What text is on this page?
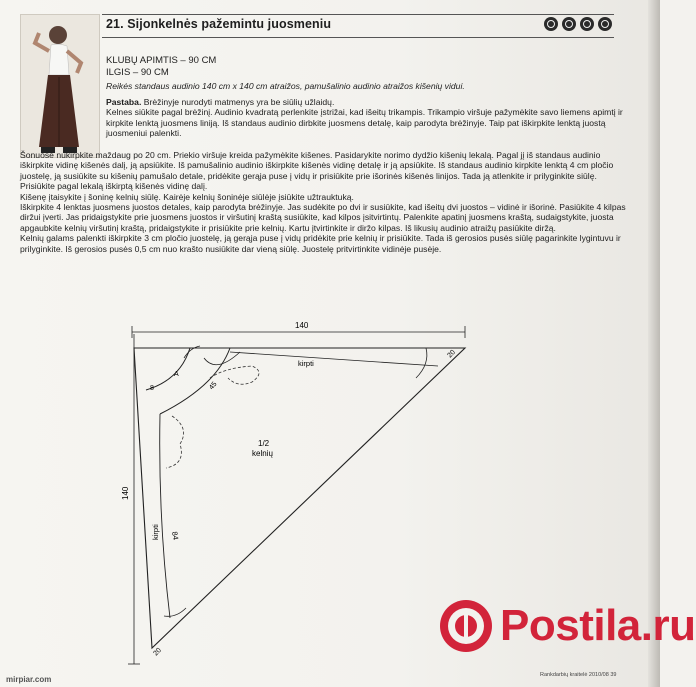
21. Sijonkelnės pažemintu juosmeniu
KLUBŲ APIMTIS – 90 CM
ILGIS – 90 CM
Reikės standaus audinio 140 cm x 140 cm atraižos, pamušalinio audinio atraižos kišenių vidui.

Pastaba. Brėžinyje nurodyti matmenys yra be siūlių užlaidų.

Kelnes siūkite pagal brėžinį. Audinio kvadratą perlenkite įstrižai, kad išeitų trikampis. Trikampio viršuje pažymėkite savo liemens apimtį ir kirpkite lenktą juosmens liniją. Iš standaus audinio dirbkite juosmens detalę, kaip parodyta brėžinyje. Taip pat iškirpkite lenktą juostą juosmeniui palenkti.

Šonuose nukirpkite maždaug po 20 cm. Priekio viršuje kreida pažymėkite kišenes. Pasidarykite norimo dydžio kišenių lekalą. Pagal jį iš standaus audinio iškirpkite vidinę kišenės dalį, ją apsiūkite. Iš pamušalinio audinio iškirpkite kišenės vidinę detalę ir ją apsiūkite. Iš standaus audinio kirpkite lenktą 4 cm pločio juostelę, ją susiūkite su kišenių pamušalo detale, pridėkite gerąja puse į vidų ir prisiūkite prie išorinės kišenės linijos. Tada ją atlenkite ir prilyginkite siūlę. Prisiūkite pagal lekalą iškirptą kišenės vidinę dalį.

Kišenę įtaisykite į šoninę kelnių siūlę. Kairėje kelnių šoninėje siūlėje įsiūkite užtrauktuką.

Iškirpkite 4 lenktas juosmens juostos detales, kaip parodyta brėžinyje. Jas sudėkite po dvi ir susiūkite, kad išeitų dvi juostos – vidinė ir išorinė. Pasiūkite 4 kilpas diržui įverti. Jas pridaigstykite prie juosmens juostos ir viršutinį kraštą susiūkite, kad kilpos įsitvirtintų. Palenkite apatinį juosmens kraštą, sudaigstykite, juosta apgaubkite kelnių viršutinį kraštą, pridaigstykite ir prisiūkite prie kelnių. Kartu įtvirtinkite ir diržo kilpas. Iš likusių audinio atraižų pasiūkite diržą.

Kelnių galams palenkti iškirpkite 3 cm pločio juostelę, ją gerąja puse į vidų pridėkite prie kelnių ir prisiūkite. Tada iš gerosios pusės siūlę pagarinkite lygintuvu ir prilyginkite. Iš gerosios pusės 0,5 cm nuo krašto nusiūkite dar vieną siūlę. Juostelę pritvirtinkite vidinėje pusėje.

140
140
kirpti
kirpti 84
20
20
8	45
A
1/2
kelnių
Postila.ru
mirpiar.com	Rankdarbių kraitelė 2010/08 39
